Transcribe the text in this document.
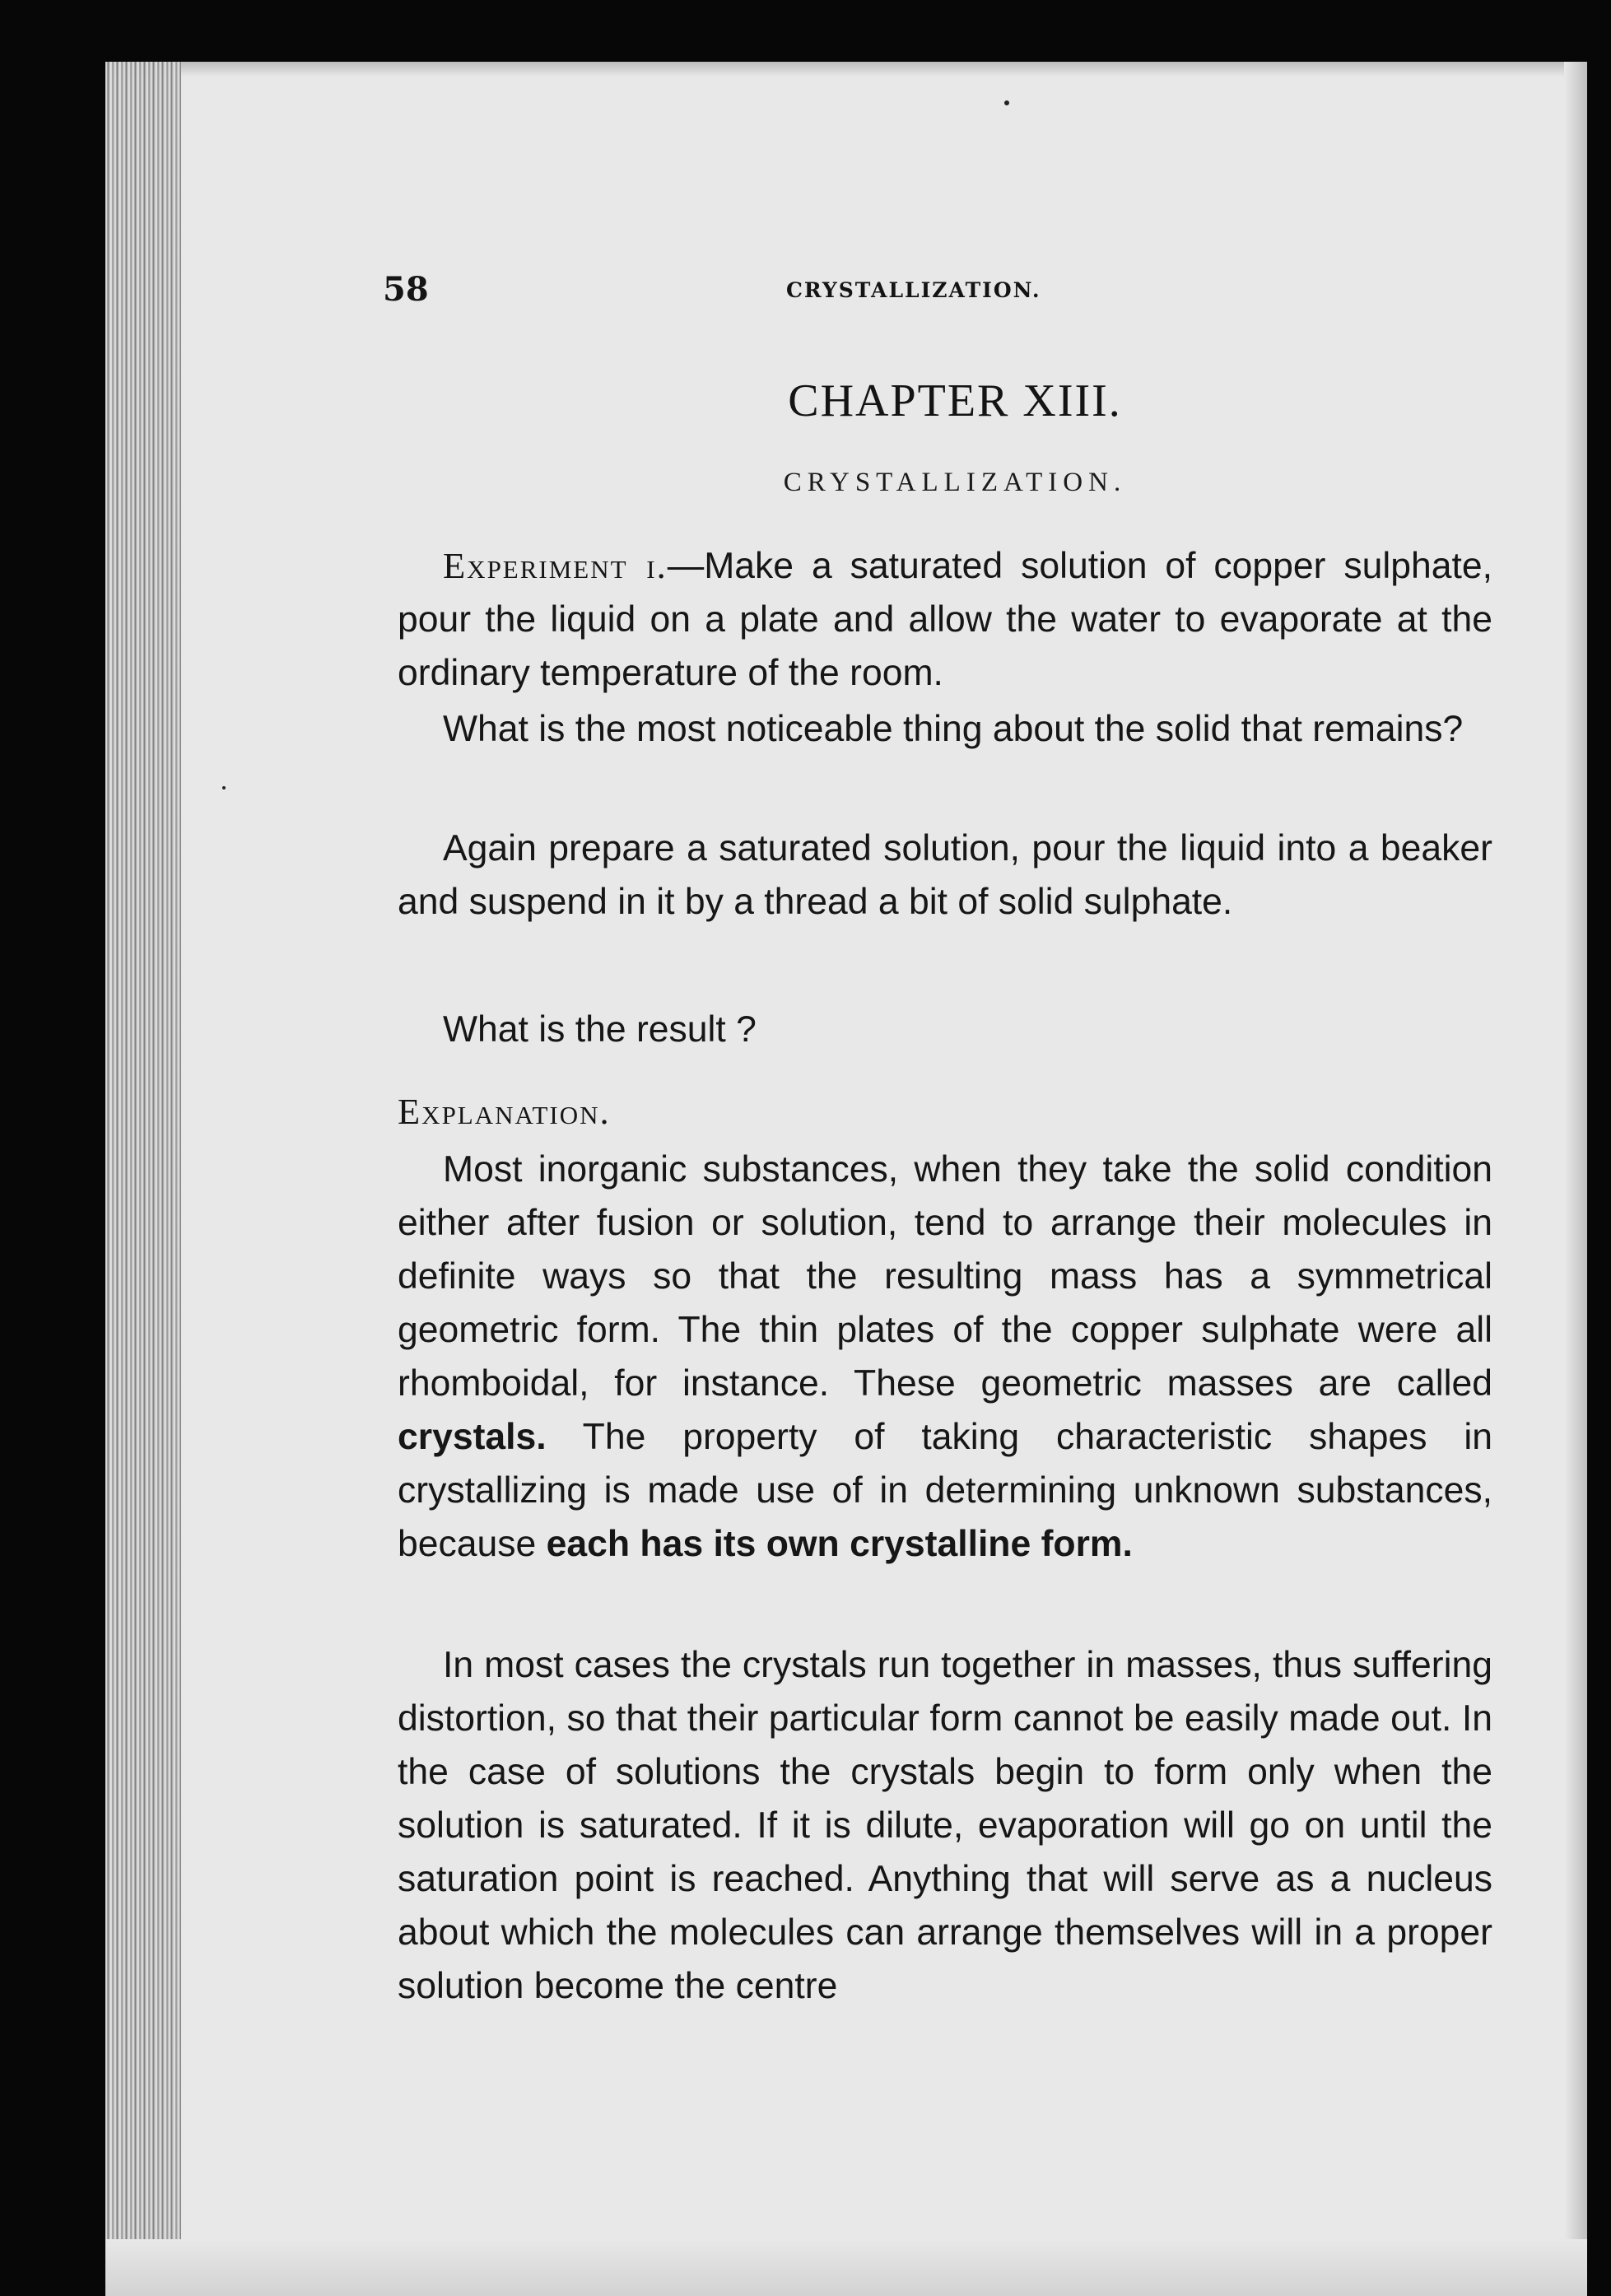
58	CRYSTALLIZATION.
CHAPTER XIII.
CRYSTALLIZATION.

Experiment i.—Make a saturated solution of copper sulphate, pour the liquid on a plate and allow the water to evaporate at the ordinary temperature of the room.

What is the most noticeable thing about the solid that remains?

Again prepare a saturated solution, pour the liquid into a beaker and suspend in it by a thread a bit of solid sulphate.

What is the result ?

Explanation.

Most inorganic substances, when they take the solid condition either after fusion or solution, tend to arrange their molecules in definite ways so that the resulting mass has a symmetrical geometric form. The thin plates of the copper sulphate were all rhomboidal, for instance. These geometric masses are called crystals. The property of taking characteristic shapes in crystallizing is made use of in determining unknown substances, because each has its own crystalline form.

In most cases the crystals run together in masses, thus suffering distortion, so that their particular form cannot be easily made out. In the case of solutions the crystals begin to form only when the solution is saturated. If it is dilute, evaporation will go on until the saturation point is reached. Anything that will serve as a nucleus about which the molecules can arrange themselves will in a proper solution become the centre
